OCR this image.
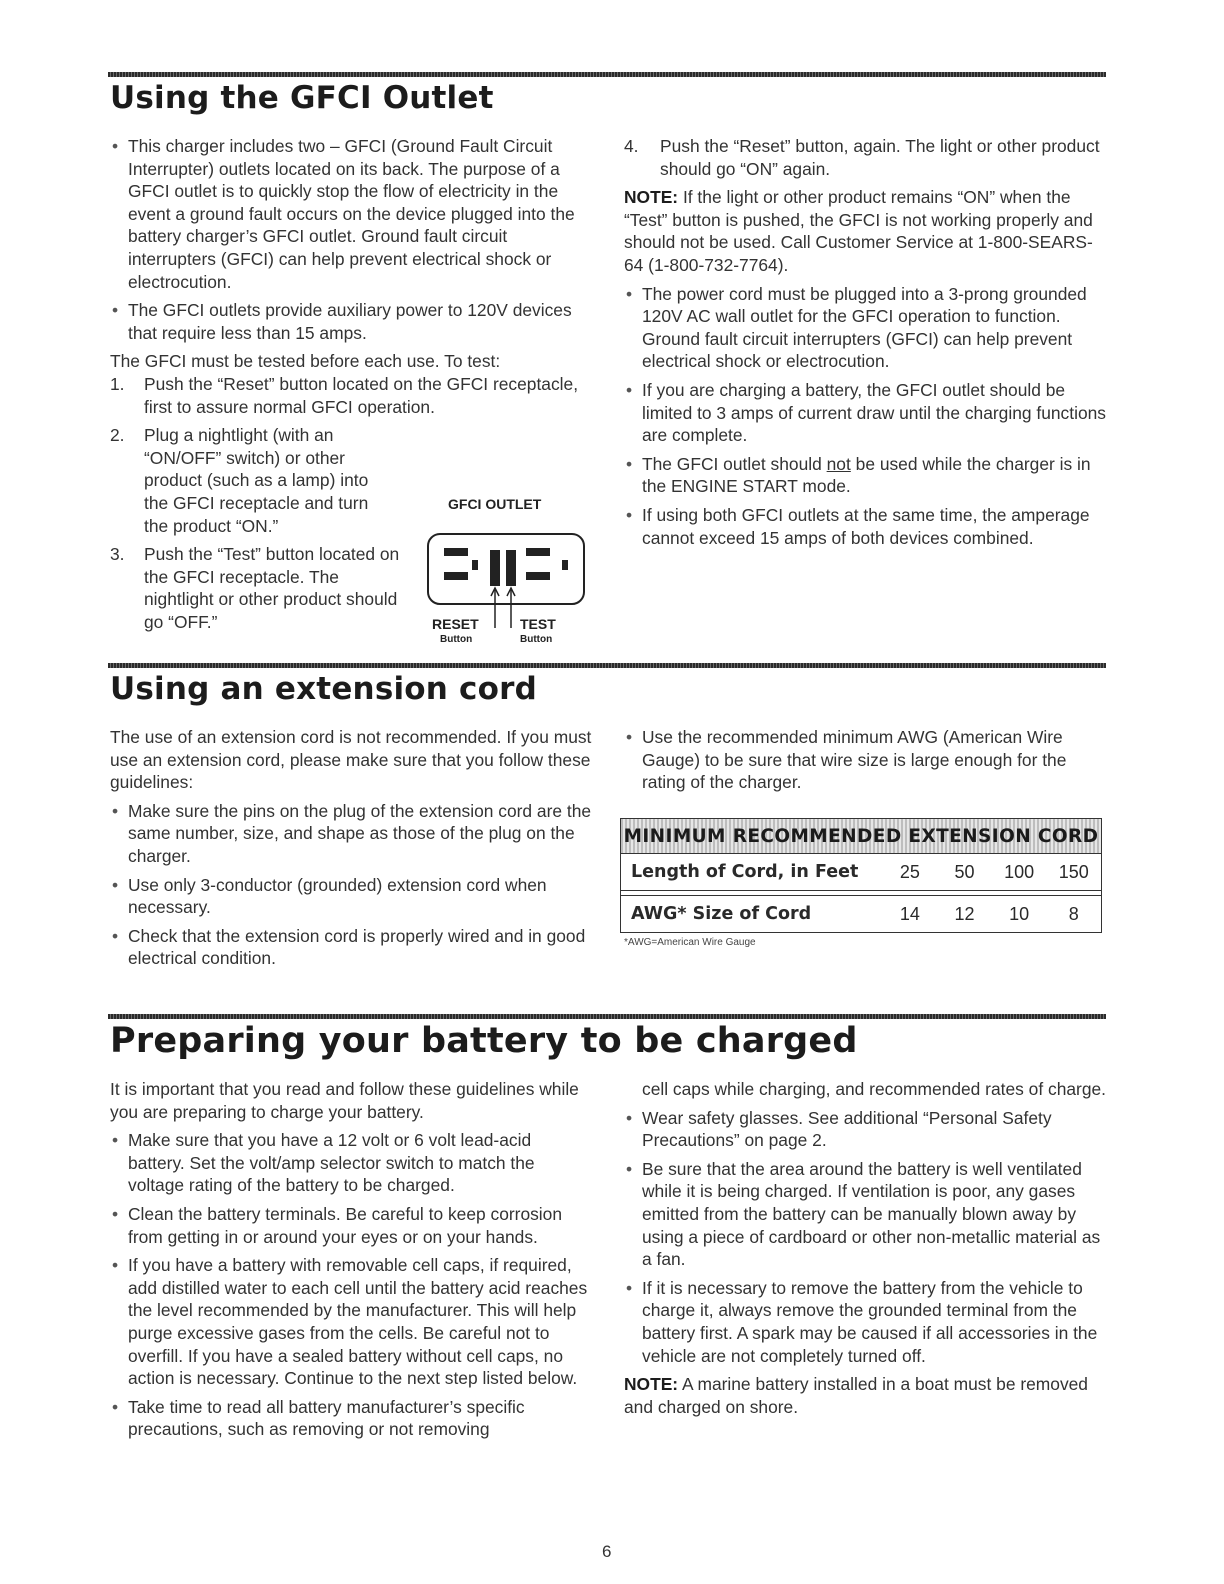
Using the GFCI Outlet
• This charger includes two – GFCI (Ground Fault Circuit Interrupter) outlets located on its back. The purpose of a GFCI outlet is to quickly stop the flow of electricity in the event a ground fault occurs on the device plugged into the battery charger’s GFCI outlet. Ground fault circuit interrupters (GFCI) can help prevent electrical shock or electrocution.
• The GFCI outlets provide auxiliary power to 120V devices that require less than 15 amps.

The GFCI must be tested before each use. To test:

1. Push the “Reset” button located on the GFCI receptacle, first to assure normal GFCI operation.
2. Plug a nightlight (with an “ON/OFF” switch) or other product (such as a lamp) into the GFCI receptacle and turn the product “ON.”
3. Push the “Test” button located on the GFCI receptacle. The nightlight or other product should go “OFF.”
GFCI OUTLET
RESET	TEST
Button	Button
4. Push the “Reset” button, again. The light or other product should go “ON” again.

NOTE: If the light or other product remains “ON” when the “Test” button is pushed, the GFCI is not working properly and should not be used. Call Customer Service at 1-800-SEARS-64 (1-800-732-7764).

• The power cord must be plugged into a 3-prong grounded 120V AC wall outlet for the GFCI operation to function. Ground fault circuit interrupters (GFCI) can help prevent electrical shock or electrocution.
• If you are charging a battery, the GFCI outlet should be limited to 3 amps of current draw until the charging functions are complete.
• The GFCI outlet should not be used while the charger is in the ENGINE START mode.
• If using both GFCI outlets at the same time, the amperage cannot exceed 15 amps of both devices combined.
Using an extension cord

The use of an extension cord is not recommended. If you must use an extension cord, please make sure that you follow these guidelines:

• Make sure the pins on the plug of the extension cord are the same number, size, and shape as those of the plug on the charger.
• Use only 3-conductor (grounded) extension cord when necessary.
• Check that the extension cord is properly wired and in good electrical condition.
• Use the recommended minimum AWG (American Wire Gauge) to be sure that wire size is large enough for the rating of the charger.
MINIMUM RECOMMENDED EXTENSION CORD
Length of Cord, in Feet	25	50	100	150
AWG* Size of Cord	14	12	10	8
*AWG=American Wire Gauge
Preparing your battery to be charged

It is important that you read and follow these guidelines while you are preparing to charge your battery.

• Make sure that you have a 12 volt or 6 volt lead-acid battery. Set the volt/amp selector switch to match the voltage rating of the battery to be charged.
• Clean the battery terminals. Be careful to keep corrosion from getting in or around your eyes or on your hands.
• If you have a battery with removable cell caps, if required, add distilled water to each cell until the battery acid reaches the level recommended by the manufacturer. This will help purge excessive gases from the cells. Be careful not to overfill. If you have a sealed battery without cell caps, no action is necessary. Continue to the next step listed below.
• Take time to read all battery manufacturer’s specific precautions, such as removing or not removing

cell caps while charging, and recommended rates of charge.

• Wear safety glasses. See additional “Personal Safety Precautions” on page 2.
• Be sure that the area around the battery is well ventilated while it is being charged. If ventilation is poor, any gases emitted from the battery can be manually blown away by using a piece of cardboard or other non-metallic material as a fan.
• If it is necessary to remove the battery from the vehicle to charge it, always remove the grounded terminal from the battery first. A spark may be caused if all accessories in the vehicle are not completely turned off.

NOTE: A marine battery installed in a boat must be removed and charged on shore.

6
